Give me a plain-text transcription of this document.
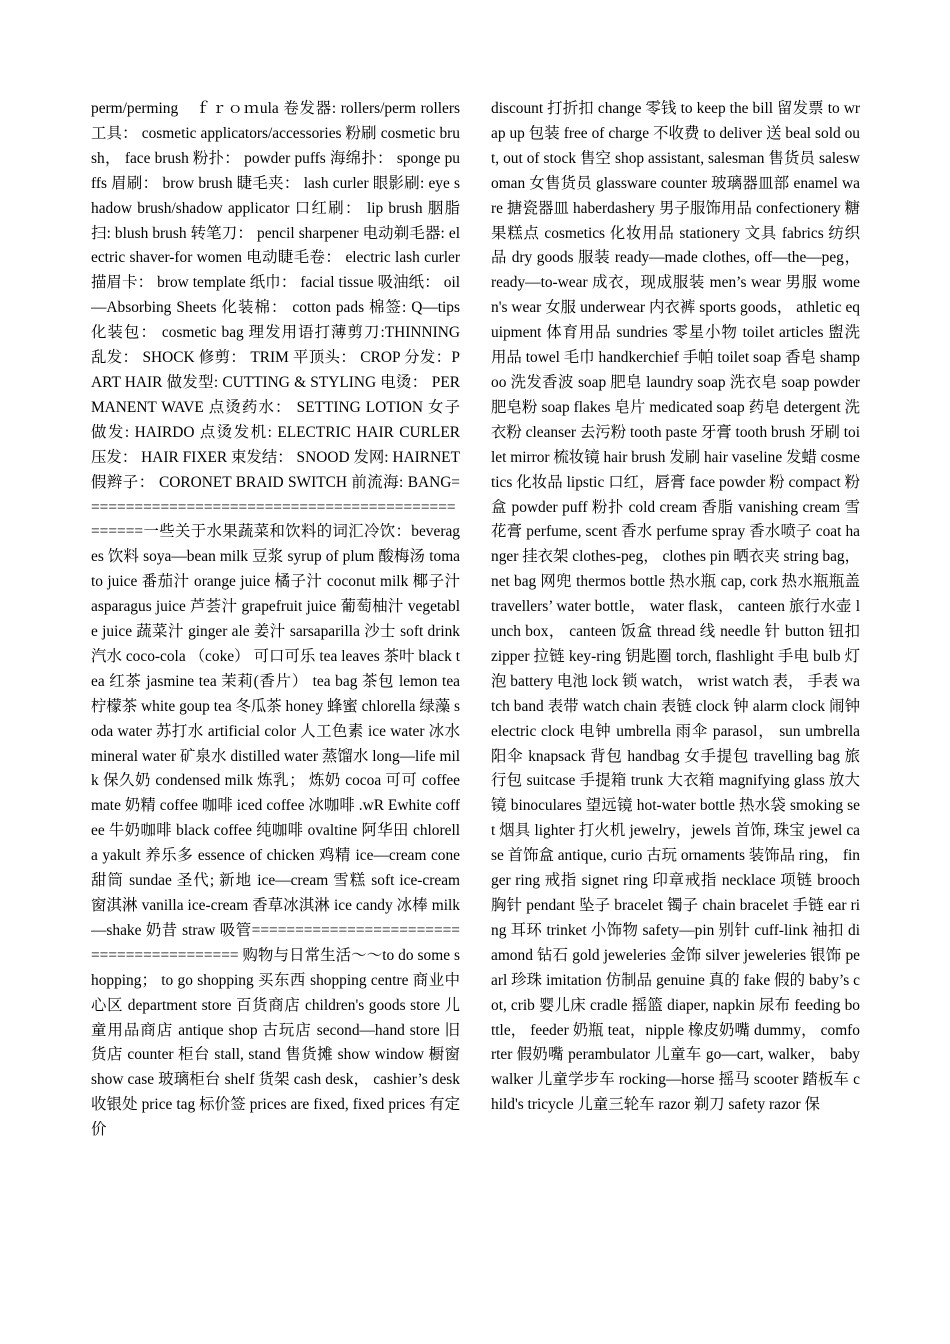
perm/perming　ｆｒｏｍula 卷发器: rollers/perm rollers 工具： cosmetic applicators/accessories 粉刷 cosmetic brush， face brush 粉扑： powder puffs 海绵扑： sponge puffs 眉刷： brow brush 睫毛夹： lash curler 眼影刷: eye shadow brush/shadow applicator 口红刷： lip brush 胭脂扫: blush brush 转笔刀： pencil sharpener 电动剃毛器: electric shaver-for women 电动睫毛卷： electric lash curler 描眉卡： brow template 纸巾： facial tissue 吸油纸： oil—Absorbing Sheets 化装棉： cotton pads 棉签: Q—tips 化装包： cosmetic bag 理发用语打薄剪刀:THINNING 乱发： SHOCK 修剪： TRIM 平顶头： CROP 分发：PART HAIR 做发型: CUTTING & STYLING 电烫： PERMANENT WAVE 点烫药水： SETTING LOTION 女子做发: HAIRDO 点烫发机: ELECTRIC HAIR CURLER 压发： HAIR FIXER 束发结： SNOOD 发网: HAIRNET 假辫子： CORONET BRAID SWITCH 前流海: BANG=================================================一些关于水果蔬菜和饮料的词汇冷饮：beverages 饮料 soya—bean milk 豆浆 syrup of plum 酸梅汤 tomato juice 番茄汁 orange juice 橘子汁 coconut milk 椰子汁 asparagus juice 芦荟汁 grapefruit juice 葡萄柚汁 vegetable juice 蔬菜汁 ginger ale 姜汁 sarsaparilla 沙士 soft drink 汽水 coco-cola （coke） 可口可乐 tea leaves 茶叶 black tea 红茶 jasmine tea 茉莉(香片） tea bag 茶包 lemon tea 柠檬茶 white goup tea 冬瓜茶 honey 蜂蜜 chlorella 绿藻 soda water 苏打水 artificial color 人工色素 ice water 冰水 mineral water 矿泉水 distilled water 蒸馏水 long—life milk 保久奶 condensed milk 炼乳； 炼奶 cocoa 可可 coffee mate 奶精 coffee 咖啡 iced coffee 冰咖啡 .wR Ewhite coffee 牛奶咖啡 black coffee 纯咖啡 ovaltine 阿华田 chlorella yakult 养乐多 essence of chicken 鸡精 ice—cream cone 甜筒 sundae 圣代; 新地 ice—cream 雪糕 soft ice-cream 窗淇淋 vanilla ice-cream 香草冰淇淋 ice candy 冰棒 milk—shake 奶昔 straw 吸管========================================= 购物与日常生活～～to do some shopping； to go shopping 买东西 shopping centre 商业中心区 department store 百货商店 children's goods store 儿童用品商店 antique shop 古玩店 second—hand store 旧货店 counter 柜台 stall, stand 售货摊 show window 橱窗 show case 玻璃柜台 shelf 货架 cash desk， cashier’s desk 收银处 price tag 标价签 prices are fixed, fixed prices 有定价

discount 打折扣 change 零钱 to keep the bill 留发票 to wrap up 包装 free of charge 不收费 to deliver 送 beal sold out, out of stock 售空 shop assistant, salesman 售货员 saleswoman 女售货员 glassware counter 玻璃器皿部 enamel ware 搪瓷器皿 haberdashery 男子服饰用品 confectionery 糖果糕点 cosmetics 化妆用品 stationery 文具 fabrics 纺织品 dry goods 服装 ready—made clothes, off—the—peg， ready—to-wear 成衣，现成服装 men’s wear 男服 women's wear 女服 underwear 内衣裤 sports goods， athletic equipment 体育用品 sundries 零星小物 toilet articles 盥洗用品 towel 毛巾 handkerchief 手帕 toilet soap 香皂 shampoo 洗发香波 soap 肥皂 laundry soap 洗衣皂 soap powder 肥皂粉 soap flakes 皂片 medicated soap 药皂 detergent 洗衣粉 cleanser 去污粉 tooth paste 牙膏 tooth brush 牙刷 toilet mirror 梳妆镜 hair brush 发刷 hair vaseline 发蜡 cosmetics 化妆品 lipstic 口红，唇膏 face powder 粉 compact 粉盒 powder puff 粉扑 cold cream 香脂 vanishing cream 雪花膏 perfume, scent 香水 perfume spray 香水喷子 coat hanger 挂衣架 clothes-peg， clothes pin 晒衣夹 string bag， net bag 网兜 thermos bottle 热水瓶 cap, cork 热水瓶瓶盖 travellers’ water bottle， water flask， canteen 旅行水壶 lunch box， canteen 饭盒 thread 线 needle 针 button 钮扣 zipper 拉链 key-ring 钥匙圈 torch, flashlight 手电 bulb 灯泡 battery 电池 lock 锁 watch， wrist watch 表， 手表 watch band 表带 watch chain 表链 clock 钟 alarm clock 闹钟 electric clock 电钟 umbrella 雨伞 parasol， sun umbrella 阳伞 knapsack 背包 handbag 女手提包 travelling bag 旅行包 suitcase 手提箱 trunk 大衣箱 magnifying glass 放大镜 binoculares 望远镜 hot-water bottle 热水袋 smoking set 烟具 lighter 打火机 jewelry，jewels 首饰, 珠宝 jewel case 首饰盒 antique, curio 古玩 ornaments 装饰品 ring， finger ring 戒指 signet ring 印章戒指 necklace 项链 brooch 胸针 pendant 坠子 bracelet 镯子 chain bracelet 手链 ear ring 耳环 trinket 小饰物 safety—pin 别针 cuff-link 袖扣 diamond 钻石 gold jeweleries 金饰 silver jeweleries 银饰 pearl 珍珠 imitation 仿制品 genuine 真的 fake 假的 baby’s cot, crib 婴儿床 cradle 摇篮 diaper, napkin 尿布 feeding bottle， feeder 奶瓶 teat，nipple 橡皮奶嘴 dummy， comforter 假奶嘴 perambulator 儿童车 go—cart, walker， babywalker 儿童学步车 rocking—horse 摇马 scooter 踏板车 child's tricycle 儿童三轮车 razor 剃刀 safety razor 保
